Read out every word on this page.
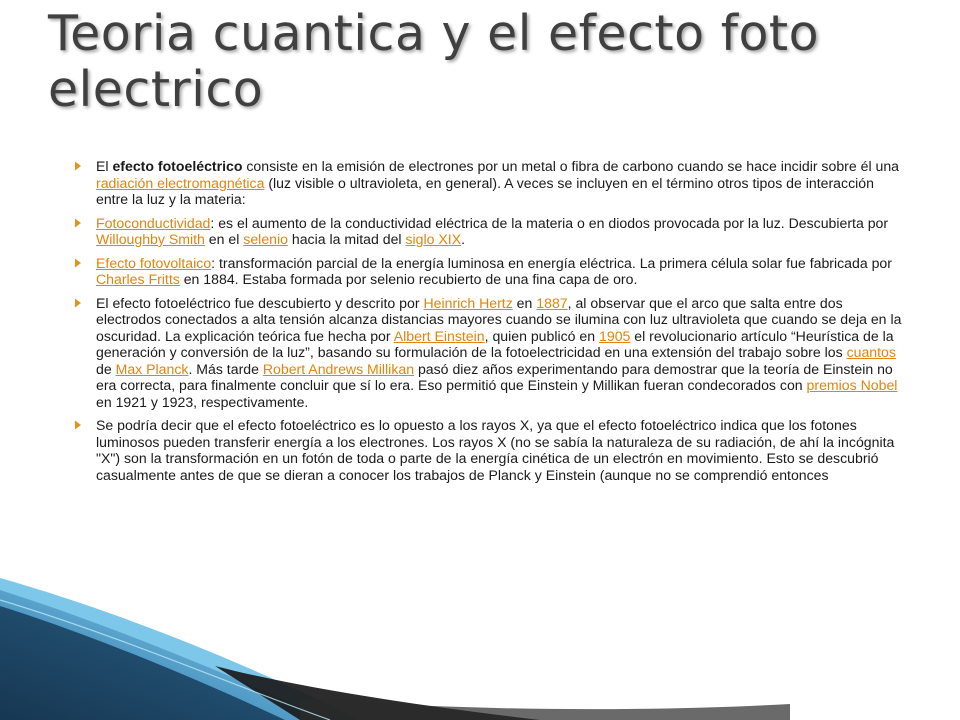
Teoria cuantica y el efecto foto electrico
El efecto fotoeléctrico consiste en la emisión de electrones por un metal o fibra de carbono cuando se hace incidir sobre él una radiación electromagnética (luz visible o ultravioleta, en general). A veces se incluyen en el término otros tipos de interacción entre la luz y la materia:
Fotoconductividad: es el aumento de la conductividad eléctrica de la materia o en diodos provocada por la luz. Descubierta por Willoughby Smith en el selenio hacia la mitad del siglo XIX.
Efecto fotovoltaico: transformación parcial de la energía luminosa en energía eléctrica. La primera célula solar fue fabricada por Charles Fritts en 1884. Estaba formada por selenio recubierto de una fina capa de oro.
El efecto fotoeléctrico fue descubierto y descrito por Heinrich Hertz en 1887, al observar que el arco que salta entre dos electrodos conectados a alta tensión alcanza distancias mayores cuando se ilumina con luz ultravioleta que cuando se deja en la oscuridad. La explicación teórica fue hecha por Albert Einstein, quien publicó en 1905 el revolucionario artículo “Heurística de la generación y conversión de la luz”, basando su formulación de la fotoelectricidad en una extensión del trabajo sobre los cuantos de Max Planck. Más tarde Robert Andrews Millikan pasó diez años experimentando para demostrar que la teoría de Einstein no era correcta, para finalmente concluir que sí lo era. Eso permitió que Einstein y Millikan fueran condecorados con premios Nobel en 1921 y 1923, respectivamente.
Se podría decir que el efecto fotoeléctrico es lo opuesto a los rayos X, ya que el efecto fotoeléctrico indica que los fotones luminosos pueden transferir energía a los electrones. Los rayos X (no se sabía la naturaleza de su radiación, de ahí la incógnita "X") son la transformación en un fotón de toda o parte de la energía cinética de un electrón en movimiento. Esto se descubrió casualmente antes de que se dieran a conocer los trabajos de Planck y Einstein (aunque no se comprendió entonces
